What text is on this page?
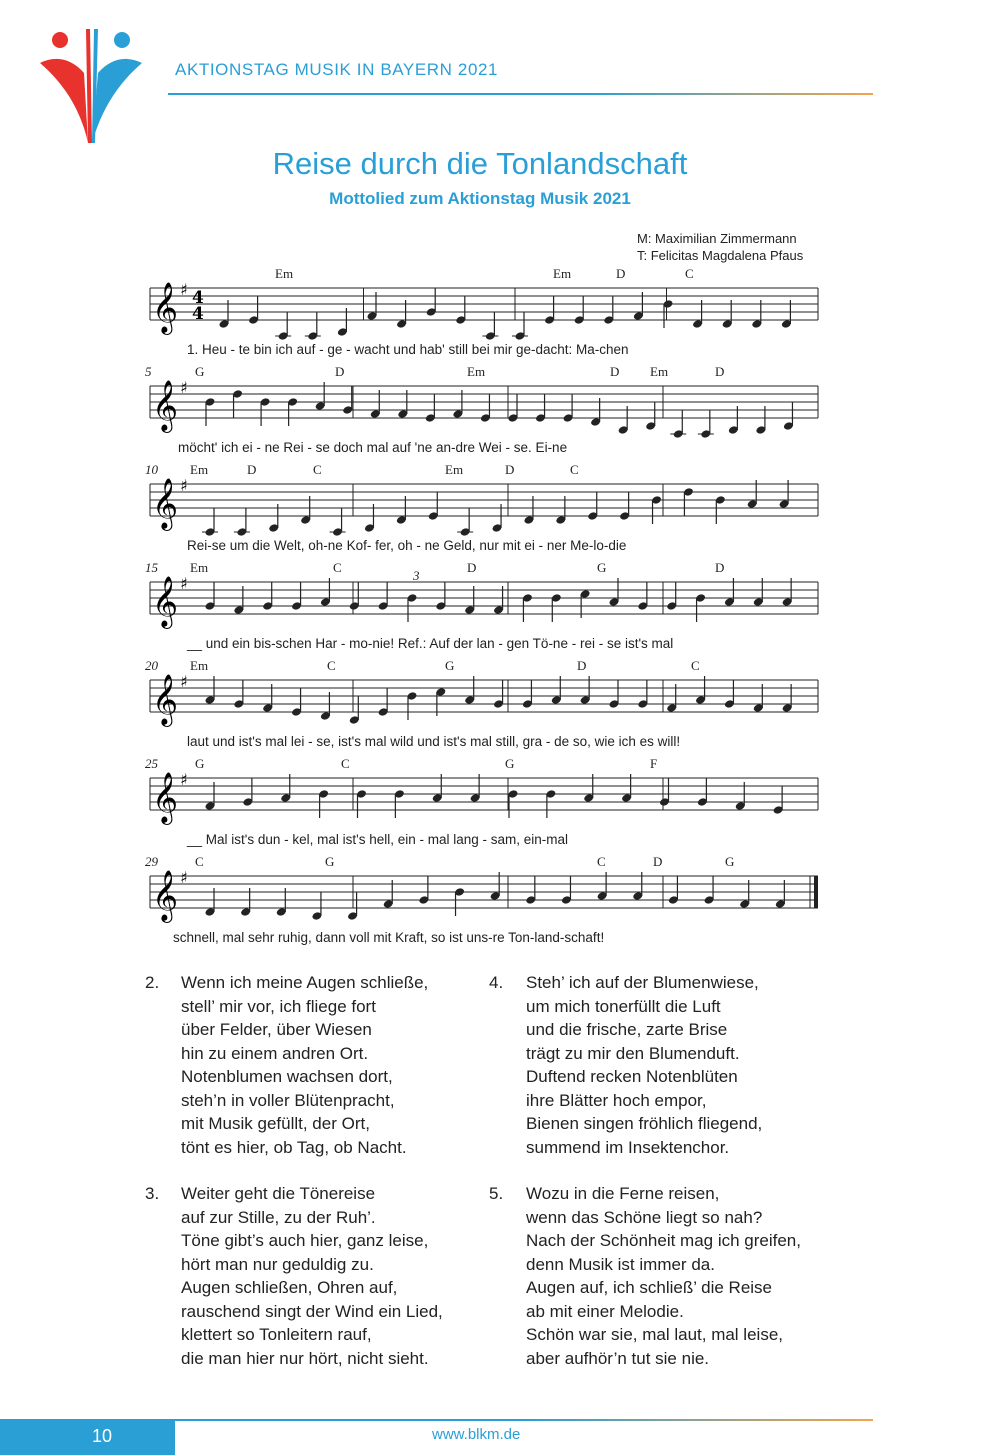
AKTIONSTAG MUSIK IN BAYERN 2021
Reise durch die Tonlandschaft
Mottolied zum Aktionstag Musik 2021
M: Maximilian Zimmermann
T: Felicitas Magdalena Pfaus
Em	Em	D	C
𝄞 ♯ 4
4
1. Heu - te bin ich auf - ge - wacht und hab' still bei mir ge-dacht: Ma-chen
5	G	D	Em	D Em	D
𝄞 ♯
möcht' ich ei - ne Rei - se doch mal auf 'ne an-dre Wei - se. Ei-ne
10 Em	D	C	Em	D	C
𝄞 ♯
Rei-se um die Welt, oh-ne Kof- fer, oh - ne Geld, nur mit ei - ner Me-lo-die
15 Em	C	D	G	D
3
𝄞 ♯
__ und ein bis-schen Har - mo-nie! Ref.: Auf der lan - gen Tö-ne - rei - se ist's mal
20 Em	C	G	D	C
𝄞 ♯
laut und ist's mal lei - se, ist's mal wild und ist's mal still, gra - de so, wie ich es will!
25	G	C	G	F
𝄞 ♯
__ Mal ist's dun - kel, mal ist's hell, ein - mal lang - sam, ein-mal
29	C	G	C	D	G
𝄞 ♯
schnell, mal sehr ruhig, dann voll mit Kraft, so ist uns-re Ton-land-schaft!
2. Wenn ich meine Augen schließe,
stell’ mir vor, ich fliege fort
über Felder, über Wiesen
hin zu einem andren Ort.
Notenblumen wachsen dort,
steh’n in voller Blütenpracht,
mit Musik gefüllt, der Ort,
tönt es hier, ob Tag, ob Nacht.
4. Steh’ ich auf der Blumenwiese,
um mich tonerfüllt die Luft
und die frische, zarte Brise
trägt zu mir den Blumenduft.
Duftend recken Notenblüten
ihre Blätter hoch empor,
Bienen singen fröhlich fliegend,
summend im Insektenchor.
3. Weiter geht die Tönereise
auf zur Stille, zu der Ruh’.
Töne gibt’s auch hier, ganz leise,
hört man nur geduldig zu.
Augen schließen, Ohren auf,
rauschend singt der Wind ein Lied,
klettert so Tonleitern rauf,
die man hier nur hört, nicht sieht.
5. Wozu in die Ferne reisen,
wenn das Schöne liegt so nah?
Nach der Schönheit mag ich greifen,
denn Musik ist immer da.
Augen auf, ich schließ’ die Reise
ab mit einer Melodie.
Schön war sie, mal laut, mal leise,
aber aufhör’n tut sie nie.
10	www.blkm.de
